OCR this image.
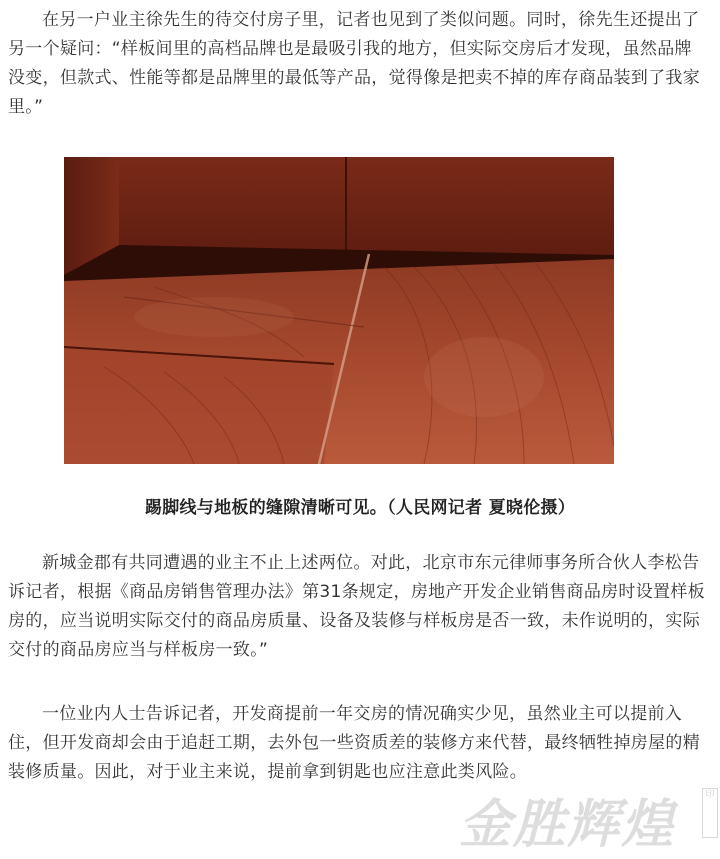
在另一户业主徐先生的待交付房子里，记者也见到了类似问题。同时，徐先生还提出了另一个疑问：“样板间里的高档品牌也是最吸引我的地方，但实际交房后才发现，虽然品牌没变，但款式、性能等都是品牌里的最低等产品，觉得像是把卖不掉的库存商品装到了我家里。”

踢脚线与地板的缝隙清晰可见。（人民网记者 夏晓伦摄）

新城金郡有共同遭遇的业主不止上述两位。对此，北京市东元律师事务所合伙人李松告诉记者，根据《商品房销售管理办法》第31条规定，房地产开发企业销售商品房时设置样板房的，应当说明实际交付的商品房质量、设备及装修与样板房是否一致，未作说明的，实际交付的商品房应当与样板房一致。”

一位业内人士告诉记者，开发商提前一年交房的情况确实少见，虽然业主可以提前入住，但开发商却会由于追赶工期，去外包一些资质差的装修方来代替，最终牺牲掉房屋的精装修质量。因此，对于业主来说，提前拿到钥匙也应注意此类风险。

金胜辉煌	印
